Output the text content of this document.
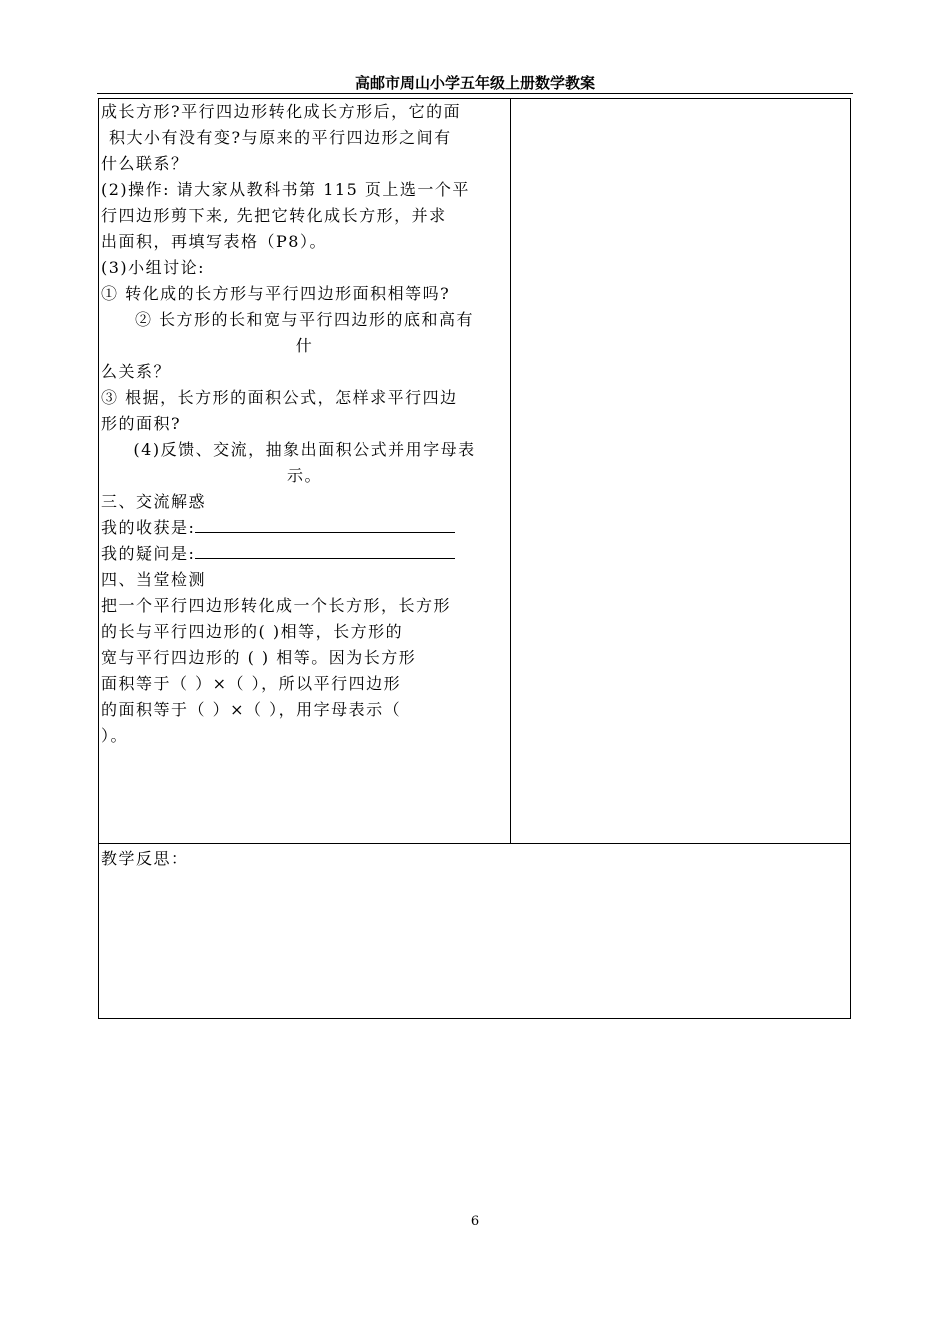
高邮市周山小学五年级上册数学教案
成长方形?平行四边形转化成长方形后，它的面
积大小有没有变?与原来的平行四边形之间有
什么联系？
(2)操作: 请大家从教科书第 115 页上选一个平
行四边形剪下来, 先把它转化成长方形，并求
出面积，再填写表格（P8）。
(3)小组讨论:
① 转化成的长方形与平行四边形面积相等吗?
② 长方形的长和宽与平行四边形的底和高有
什
么关系？
③ 根据，长方形的面积公式，怎样求平行四边
形的面积?
(4)反馈、交流，抽象出面积公式并用字母表
示。
三、交流解惑
我的收获是:
我的疑问是:
四、当堂检测
把一个平行四边形转化成一个长方形，长方形
的长与平行四边形的( )相等，长方形的
宽与平行四边形的 ( ) 相等。因为长方形
面积等于（ ）×（ ），所以平行四边形
的面积等于（ ）×（ ），用字母表示（
）。
教学反思：
6
